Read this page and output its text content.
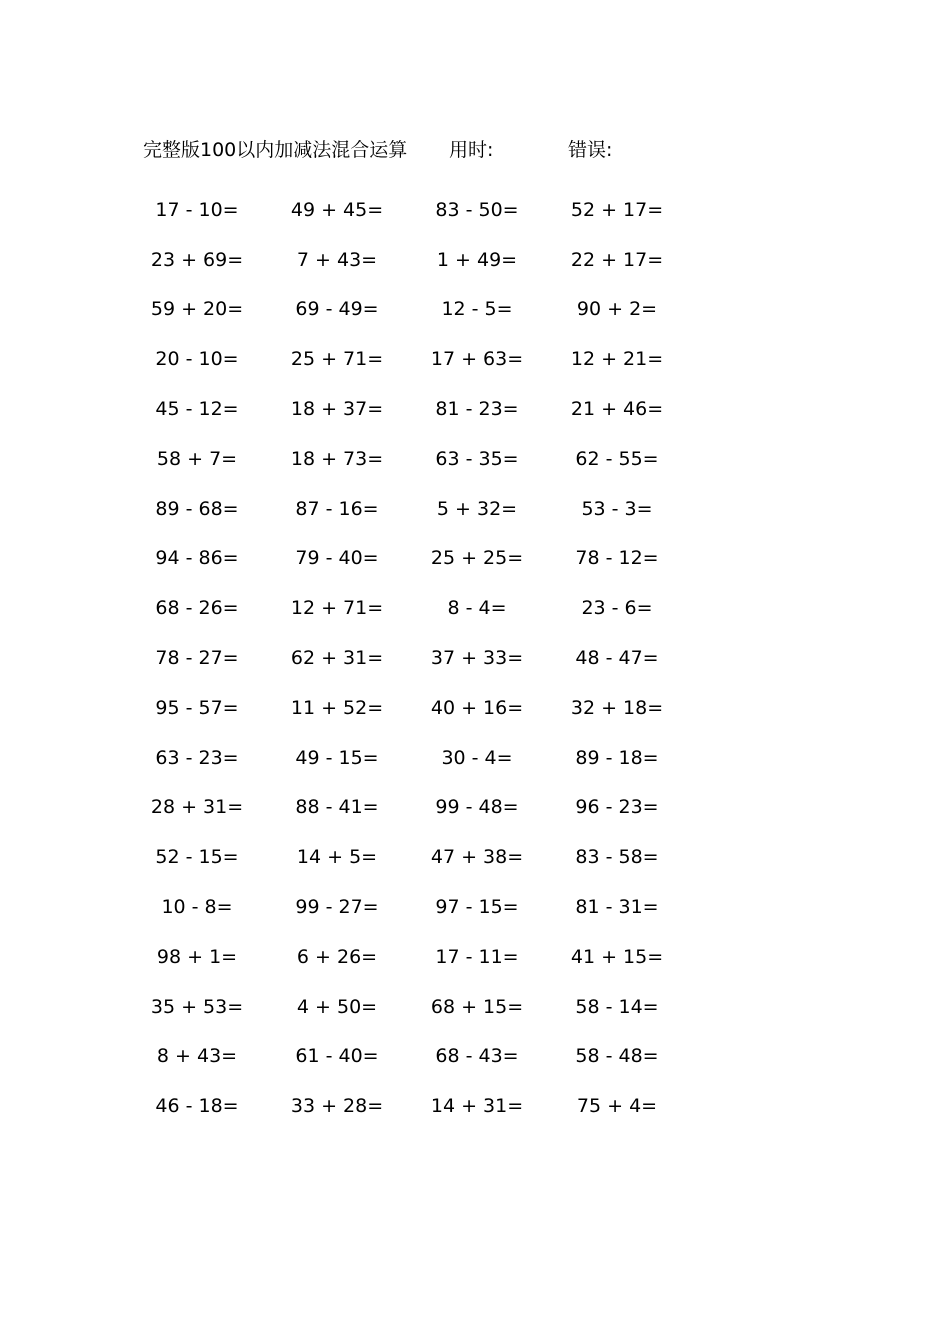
完整版100以内加减法混合运算 用时:	错误:
17 - 10=	49 + 45=	83 - 50=	52 + 17=
23 + 69=	7 + 43=	1 + 49=	22 + 17=
59 + 20=	69 - 49=	12 - 5=	90 + 2=
20 - 10=	25 + 71=	17 + 63=	12 + 21=
45 - 12=	18 + 37=	81 - 23=	21 + 46=
58 + 7=	18 + 73=	63 - 35=	62 - 55=
89 - 68=	87 - 16=	5 + 32=	53 - 3=
94 - 86=	79 - 40=	25 + 25=	78 - 12=
68 - 26=	12 + 71=	8 - 4=	23 - 6=
78 - 27=	62 + 31=	37 + 33=	48 - 47=
95 - 57=	11 + 52=	40 + 16=	32 + 18=
63 - 23=	49 - 15=	30 - 4=	89 - 18=
28 + 31=	88 - 41=	99 - 48=	96 - 23=
52 - 15=	14 + 5=	47 + 38=	83 - 58=
10 - 8=	99 - 27=	97 - 15=	81 - 31=
98 + 1=	6 + 26=	17 - 11=	41 + 15=
35 + 53=	4 + 50=	68 + 15=	58 - 14=
8 + 43=	61 - 40=	68 - 43=	58 - 48=
46 - 18=	33 + 28=	14 + 31=	75 + 4=
